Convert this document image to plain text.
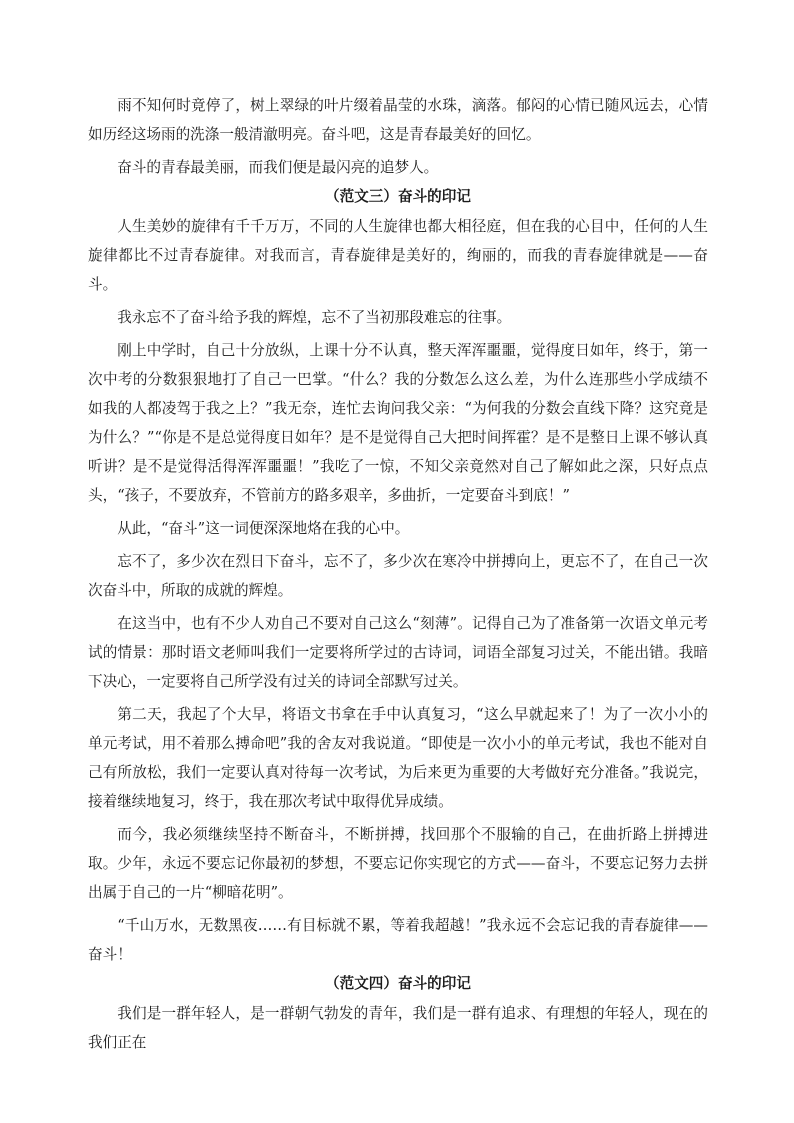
雨不知何时竟停了，树上翠绿的叶片缀着晶莹的水珠，滴落。郁闷的心情已随风远去，心情如历经这场雨的洗涤一般清澈明亮。奋斗吧，这是青春最美好的回忆。

奋斗的青春最美丽，而我们便是最闪亮的追梦人。

（范文三）奋斗的印记

人生美妙的旋律有千千万万，不同的人生旋律也都大相径庭，但在我的心目中，任何的人生旋律都比不过青春旋律。对我而言，青春旋律是美好的，绚丽的，而我的青春旋律就是——奋斗。

我永忘不了奋斗给予我的辉煌，忘不了当初那段难忘的往事。

刚上中学时，自己十分放纵，上课十分不认真，整天浑浑噩噩，觉得度日如年，终于，第一次中考的分数狠狠地打了自己一巴掌。“什么？我的分数怎么这么差，为什么连那些小学成绩不如我的人都凌驾于我之上？”我无奈，连忙去询问我父亲：“为何我的分数会直线下降？这究竟是为什么？”“你是不是总觉得度日如年？是不是觉得自己大把时间挥霍？是不是整日上课不够认真听讲？是不是觉得活得浑浑噩噩！”我吃了一惊，不知父亲竟然对自己了解如此之深，只好点点头，“孩子，不要放弃，不管前方的路多艰辛，多曲折，一定要奋斗到底！”

从此，“奋斗”这一词便深深地烙在我的心中。

忘不了，多少次在烈日下奋斗，忘不了，多少次在寒冷中拼搏向上，更忘不了，在自己一次次奋斗中，所取的成就的辉煌。

在这当中，也有不少人劝自己不要对自己这么“刻薄”。记得自己为了准备第一次语文单元考试的情景：那时语文老师叫我们一定要将所学过的古诗词，词语全部复习过关，不能出错。我暗下决心，一定要将自己所学没有过关的诗词全部默写过关。

第二天，我起了个大早，将语文书拿在手中认真复习，“这么早就起来了！为了一次小小的单元考试，用不着那么搏命吧”我的舍友对我说道。“即使是一次小小的单元考试，我也不能对自己有所放松，我们一定要认真对待每一次考试，为后来更为重要的大考做好充分准备。”我说完，接着继续地复习，终于，我在那次考试中取得优异成绩。

而今，我必须继续坚持不断奋斗，不断拼搏，找回那个不服输的自己，在曲折路上拼搏进取。少年，永远不要忘记你最初的梦想，不要忘记你实现它的方式——奋斗，不要忘记努力去拼出属于自己的一片“柳暗花明”。

“千山万水，无数黑夜……有目标就不累，等着我超越！”我永远不会忘记我的青春旋律——奋斗！

（范文四）奋斗的印记

我们是一群年轻人，是一群朝气勃发的青年，我们是一群有追求、有理想的年轻人，现在的我们正在
